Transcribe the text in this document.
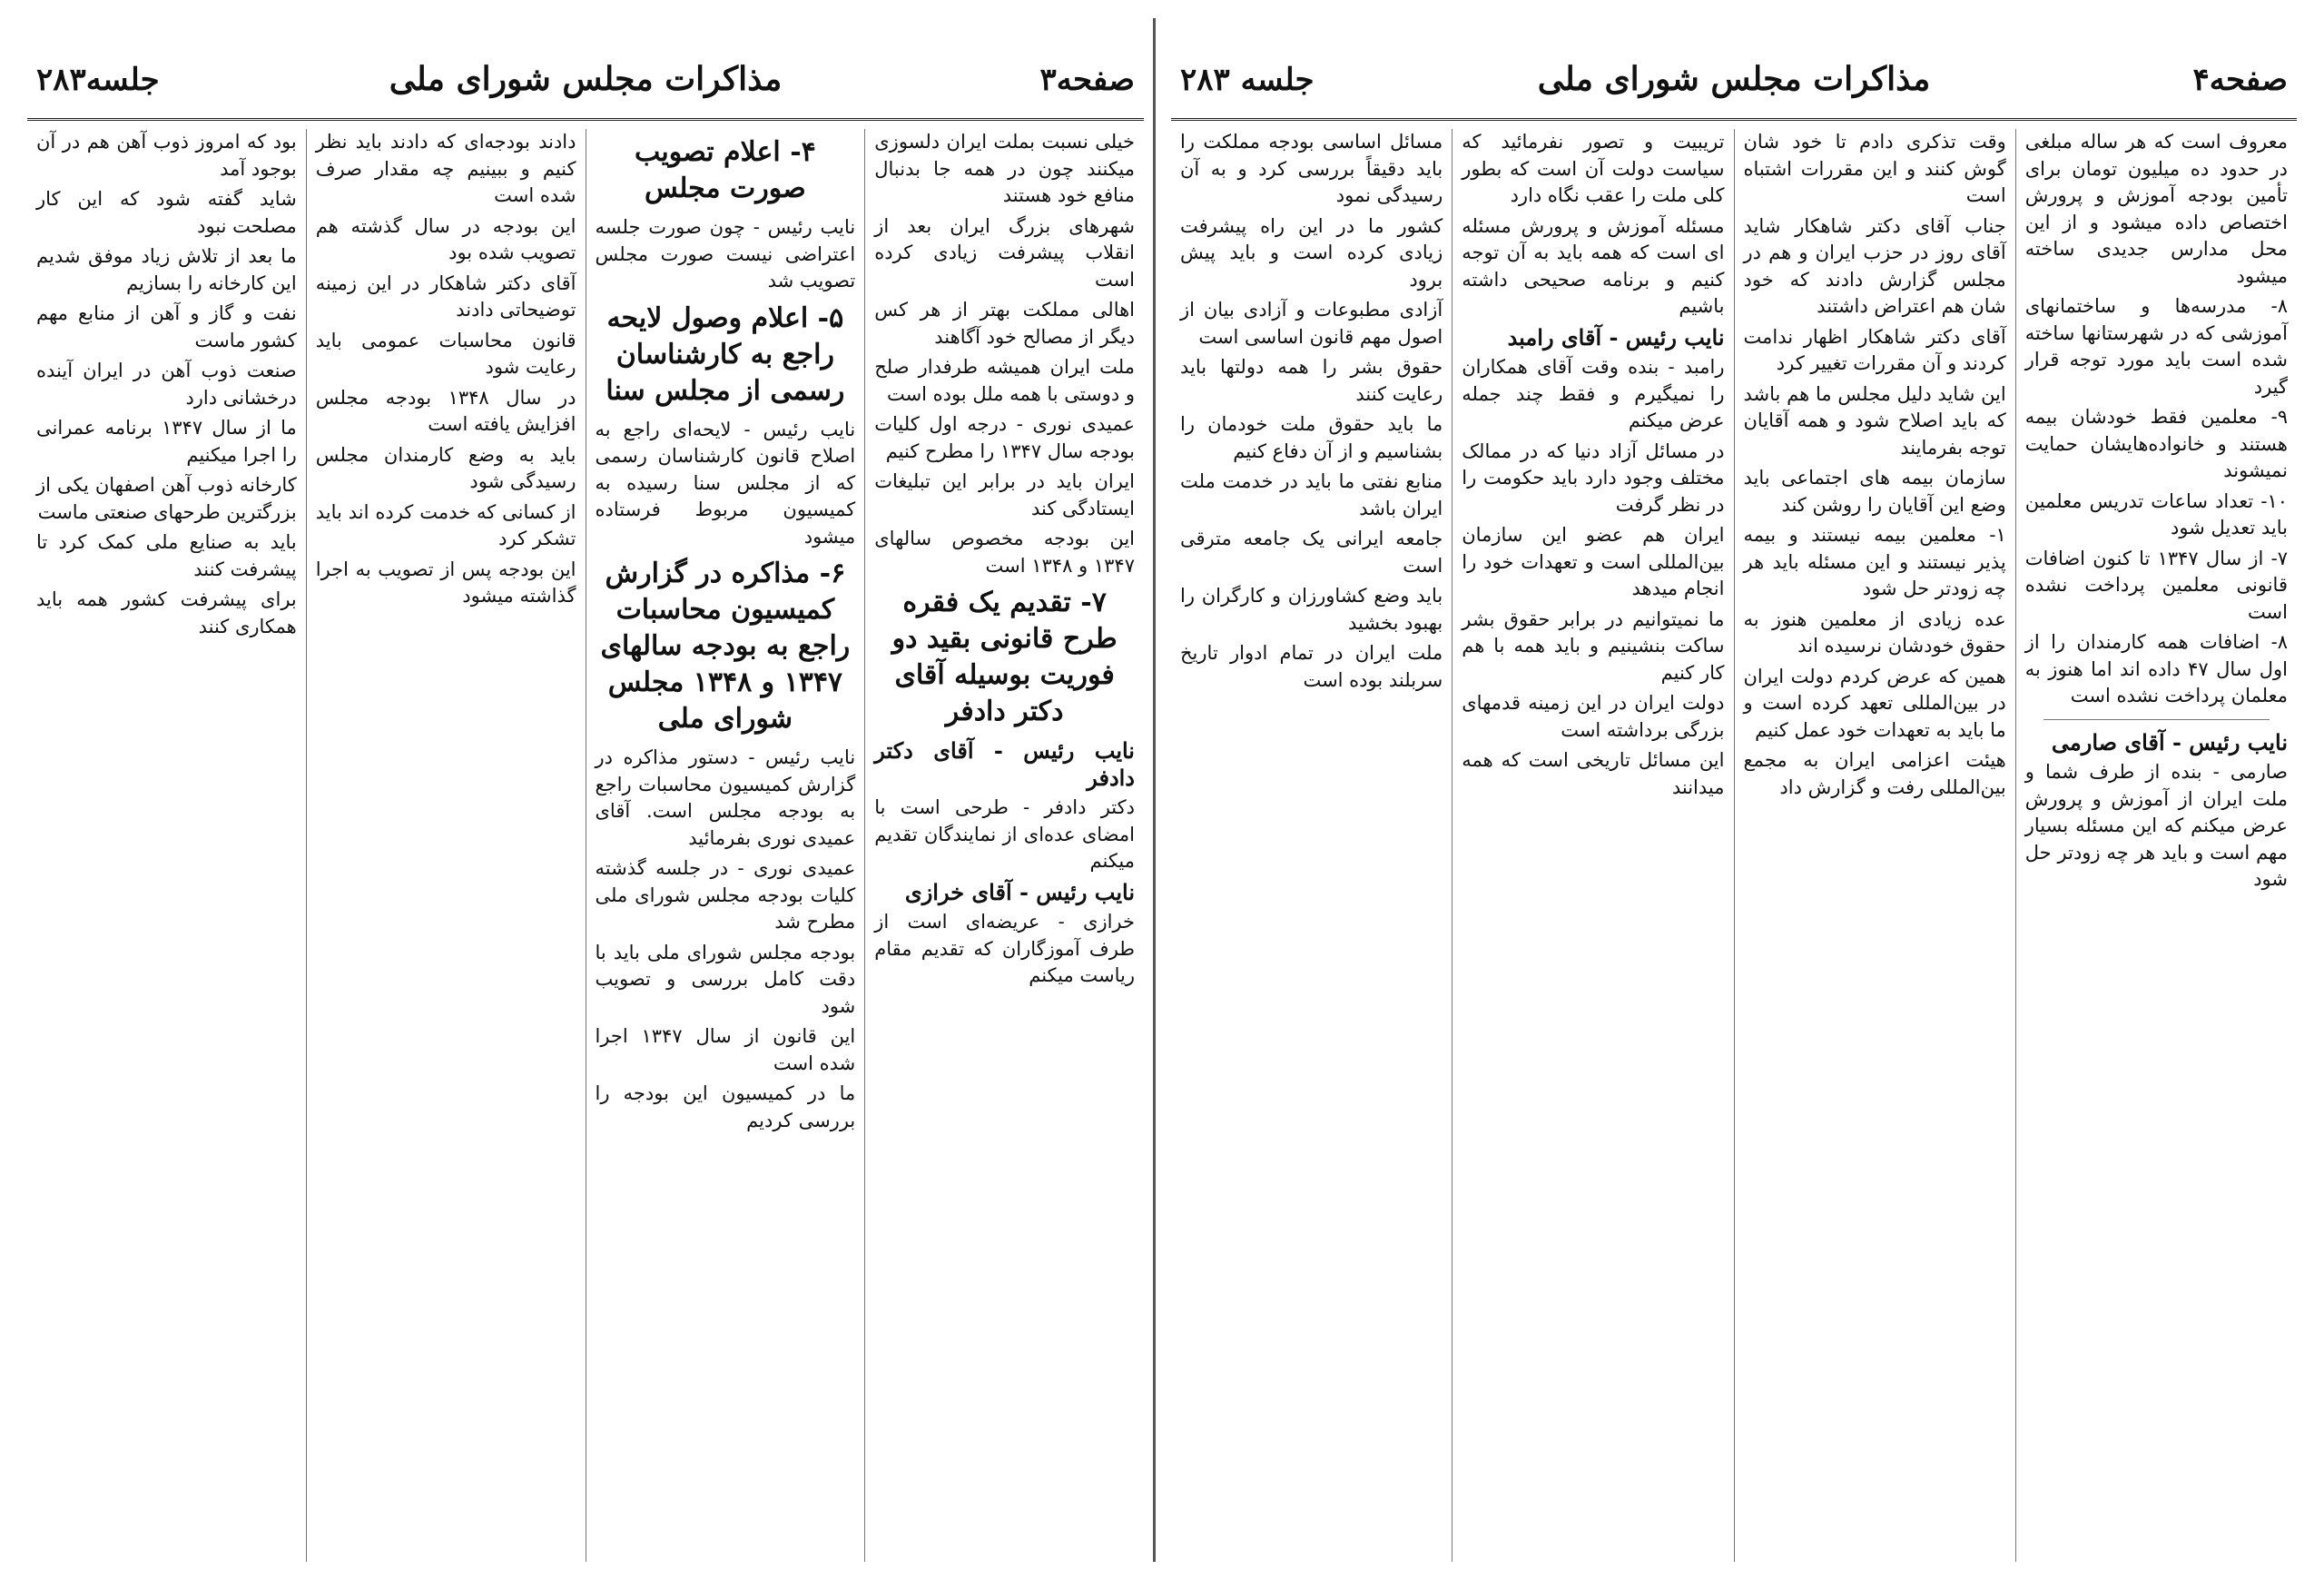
صفحه۴
مذاکرات مجلس شورای ملی
جلسه ۲۸۳

معروف است که هر ساله مبلغی در حدود ده میلیون تومان برای تأمین بودجه آموزش و پرورش اختصاص داده میشود و از این محل مدارس جدیدی ساخته میشود

۸- مدرسه‌ها و ساختمانهای آموزشی که در شهرستانها ساخته شده است باید مورد توجه قرار گیرد

۹- معلمین فقط خودشان بیمه هستند و خانواده‌هایشان حمایت نمیشوند

۱۰- تعداد ساعات تدریس معلمین باید تعدیل شود

۷- از سال ۱۳۴۷ تا کنون اضافات قانونی معلمین پرداخت نشده است

۸- اضافات همه کارمندان را از اول سال ۴۷ داده اند اما هنوز به معلمان پرداخت نشده است

نایب رئیس - آقای صارمی

صارمی - بنده از طرف شما و ملت ایران از آموزش و پرورش عرض میکنم که این مسئله بسیار مهم است و باید هر چه زودتر حل شود

وقت تذکری دادم تا خود شان گوش کنند و این مقررات اشتباه است

جناب آقای دکتر شاهکار شاید آقای روز در حزب ایران و هم در مجلس گزارش دادند که خود شان هم اعتراض داشتند

آقای دکتر شاهکار اظهار ندامت کردند و آن مقررات تغییر کرد

این شاید دلیل مجلس ما هم باشد که باید اصلاح شود و همه آقایان توجه بفرمایند

سازمان بیمه های اجتماعی باید وضع این آقایان را روشن کند

۱- معلمین بیمه نیستند و بیمه پذیر نیستند و این مسئله باید هر چه زودتر حل شود

عده زیادی از معلمین هنوز به حقوق خودشان نرسیده اند

همین که عرض کردم دولت ایران در بین‌المللی تعهد کرده است و ما باید به تعهدات خود عمل کنیم

هیئت اعزامی ایران به مجمع بین‌المللی رفت و گزارش داد

تریبیت و تصور نفرمائید که سیاست دولت آن است که بطور کلی ملت را عقب نگاه دارد

مسئله آموزش و پرورش مسئله ای است که همه باید به آن توجه کنیم و برنامه صحیحی داشته باشیم

نایب رئیس - آقای رامبد

رامبد - بنده وقت آقای همکاران را نمیگیرم و فقط چند جمله عرض میکنم

در مسائل آزاد دنیا که در ممالک مختلف وجود دارد باید حکومت را در نظر گرفت

ایران هم عضو این سازمان بین‌المللی است و تعهدات خود را انجام میدهد

ما نمیتوانیم در برابر حقوق بشر ساکت بنشینیم و باید همه با هم کار کنیم

دولت ایران در این زمینه قدمهای بزرگی برداشته است

این مسائل تاریخی است که همه میدانند

مسائل اساسی بودجه مملکت را باید دقیقاً بررسی کرد و به آن رسیدگی نمود

کشور ما در این راه پیشرفت زیادی کرده است و باید پیش برود

آزادی مطبوعات و آزادی بیان از اصول مهم قانون اساسی است

حقوق بشر را همه دولتها باید رعایت کنند

ما باید حقوق ملت خودمان را بشناسیم و از آن دفاع کنیم

منابع نفتی ما باید در خدمت ملت ایران باشد

جامعه ایرانی یک جامعه مترقی است

باید وضع کشاورزان و کارگران را بهبود بخشید

ملت ایران در تمام ادوار تاریخ سربلند بوده است

صفحه۳
مذاکرات مجلس شورای ملی
جلسه۲۸۳

خیلی نسبت بملت ایران دلسوزی میکنند چون در همه جا بدنبال منافع خود هستند

شهرهای بزرگ ایران بعد از انقلاب پیشرفت زیادی کرده است

اهالی مملکت بهتر از هر کس دیگر از مصالح خود آگاهند

ملت ایران همیشه طرفدار صلح و دوستی با همه ملل بوده است

عمیدی نوری - درجه اول کلیات بودجه سال ۱۳۴۷ را مطرح کنیم

ایران باید در برابر این تبلیغات ایستادگی کند

این بودجه مخصوص سالهای ۱۳۴۷ و ۱۳۴۸ است

۷- تقدیم یک فقره طرح قانونی بقید دو فوریت بوسیله آقای دکتر دادفر

نایب رئیس - آقای دکتر دادفر

دکتر دادفر - طرحی است با امضای عده‌ای از نمایندگان تقدیم میکنم

نایب رئیس - آقای خرازی

خرازی - عریضه‌ای است از طرف آموزگاران که تقدیم مقام ریاست میکنم

۴- اعلام تصویب صورت مجلس

نایب رئیس - چون صورت جلسه اعتراضی نیست صورت مجلس تصویب شد

۵- اعلام وصول لایحه راجع به کارشناسان رسمی از مجلس سنا

نایب رئیس - لایحه‌ای راجع به اصلاح قانون کارشناسان رسمی که از مجلس سنا رسیده به کمیسیون مربوط فرستاده میشود

۶- مذاکره در گزارش کمیسیون محاسبات راجع به بودجه سالهای ۱۳۴۷ و ۱۳۴۸ مجلس شورای ملی

نایب رئیس - دستور مذاکره در گزارش کمیسیون محاسبات راجع به بودجه مجلس است. آقای عمیدی نوری بفرمائید

عمیدی نوری - در جلسه گذشته کلیات بودجه مجلس شورای ملی مطرح شد

بودجه مجلس شورای ملی باید با دقت کامل بررسی و تصویب شود

این قانون از سال ۱۳۴۷ اجرا شده است

ما در کمیسیون این بودجه را بررسی کردیم

دادند بودجه‌ای که دادند باید نظر کنیم و ببینیم چه مقدار صرف شده است

این بودجه در سال گذشته هم تصویب شده بود

آقای دکتر شاهکار در این زمینه توضیحاتی دادند

قانون محاسبات عمومی باید رعایت شود

در سال ۱۳۴۸ بودجه مجلس افزایش یافته است

باید به وضع کارمندان مجلس رسیدگی شود

از کسانی که خدمت کرده اند باید تشکر کرد

این بودجه پس از تصویب به اجرا گذاشته میشود

بود که امروز ذوب آهن هم در آن بوجود آمد

شاید گفته شود که این کار مصلحت نبود

ما بعد از تلاش زیاد موفق شدیم این کارخانه را بسازیم

نفت و گاز و آهن از منابع مهم کشور ماست

صنعت ذوب آهن در ایران آینده درخشانی دارد

ما از سال ۱۳۴۷ برنامه عمرانی را اجرا میکنیم

کارخانه ذوب آهن اصفهان یکی از بزرگترین طرحهای صنعتی ماست

باید به صنایع ملی کمک کرد تا پیشرفت کنند

برای پیشرفت کشور همه باید همکاری کنند
